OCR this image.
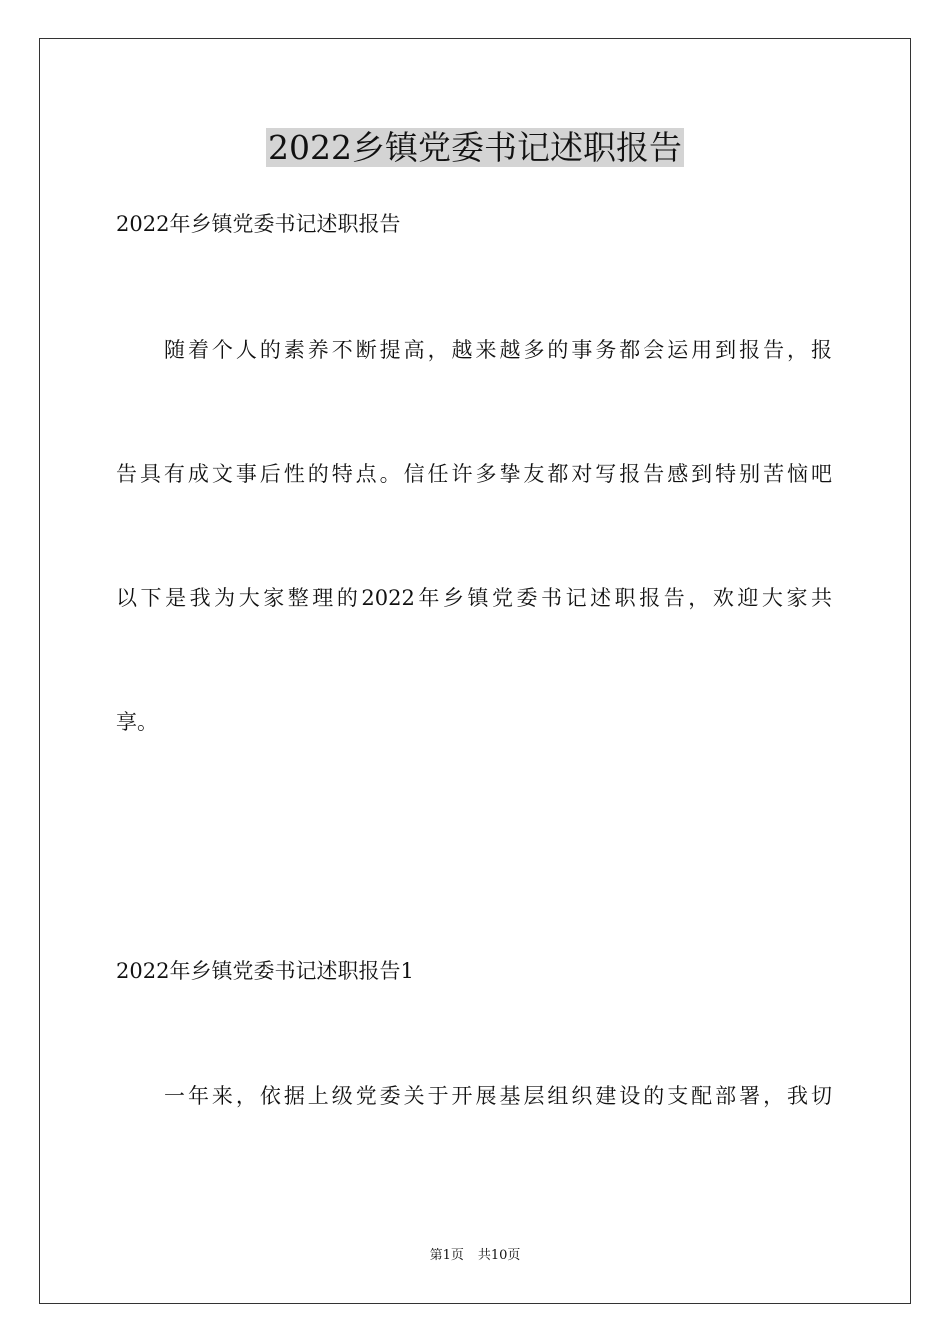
2022乡镇党委书记述职报告

2022年乡镇党委书记述职报告

随着个人的素养不断提高，越来越多的事务都会运用到报告，报

告具有成文事后性的特点。信任许多挚友都对写报告感到特别苦恼吧

以下是我为大家整理的2022年乡镇党委书记述职报告，欢迎大家共

享。

2022年乡镇党委书记述职报告1

一年来，依据上级党委关于开展基层组织建设的支配部署，我切

第1页 共10页
